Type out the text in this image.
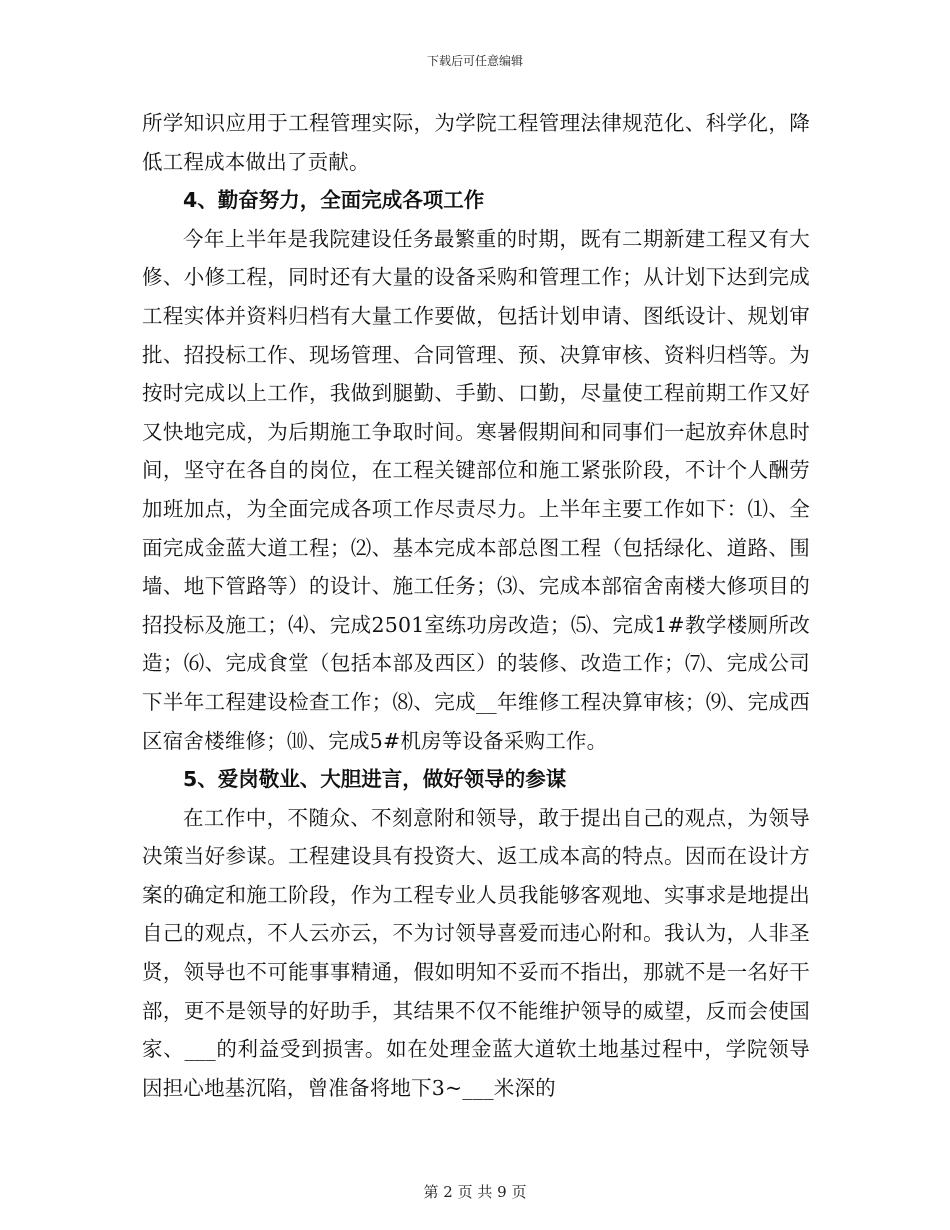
下载后可任意编辑

所学知识应用于工程管理实际，为学院工程管理法律规范化、科学化，降低工程成本做出了贡献。

4、勤奋努力，全面完成各项工作

今年上半年是我院建设任务最繁重的时期，既有二期新建工程又有大修、小修工程，同时还有大量的设备采购和管理工作；从计划下达到完成工程实体并资料归档有大量工作要做，包括计划申请、图纸设计、规划审批、招投标工作、现场管理、合同管理、预、决算审核、资料归档等。为按时完成以上工作，我做到腿勤、手勤、口勤，尽量使工程前期工作又好又快地完成，为后期施工争取时间。寒暑假期间和同事们一起放弃休息时间，坚守在各自的岗位，在工程关键部位和施工紧张阶段，不计个人酬劳加班加点，为全面完成各项工作尽责尽力。上半年主要工作如下：⑴、全面完成金蓝大道工程；⑵、基本完成本部总图工程（包括绿化、道路、围墙、地下管路等）的设计、施工任务；⑶、完成本部宿舍南楼大修项目的招投标及施工；⑷、完成2501室练功房改造；⑸、完成1#教学楼厕所改造；⑹、完成食堂（包括本部及西区）的装修、改造工作；⑺、完成公司下半年工程建设检查工作；⑻、完成__年维修工程决算审核；⑼、完成西区宿舍楼维修；⑽、完成5#机房等设备采购工作。

5、爱岗敬业、大胆进言，做好领导的参谋

在工作中，不随众、不刻意附和领导，敢于提出自己的观点，为领导决策当好参谋。工程建设具有投资大、返工成本高的特点。因而在设计方案的确定和施工阶段，作为工程专业人员我能够客观地、实事求是地提出自己的观点，不人云亦云，不为讨领导喜爱而违心附和。我认为，人非圣贤，领导也不可能事事精通，假如明知不妥而不指出，那就不是一名好干部，更不是领导的好助手，其结果不仅不能维护领导的威望，反而会使国家、___的利益受到损害。如在处理金蓝大道软土地基过程中，学院领导因担心地基沉陷，曾准备将地下3~___米深的

第 2 页 共 9 页
